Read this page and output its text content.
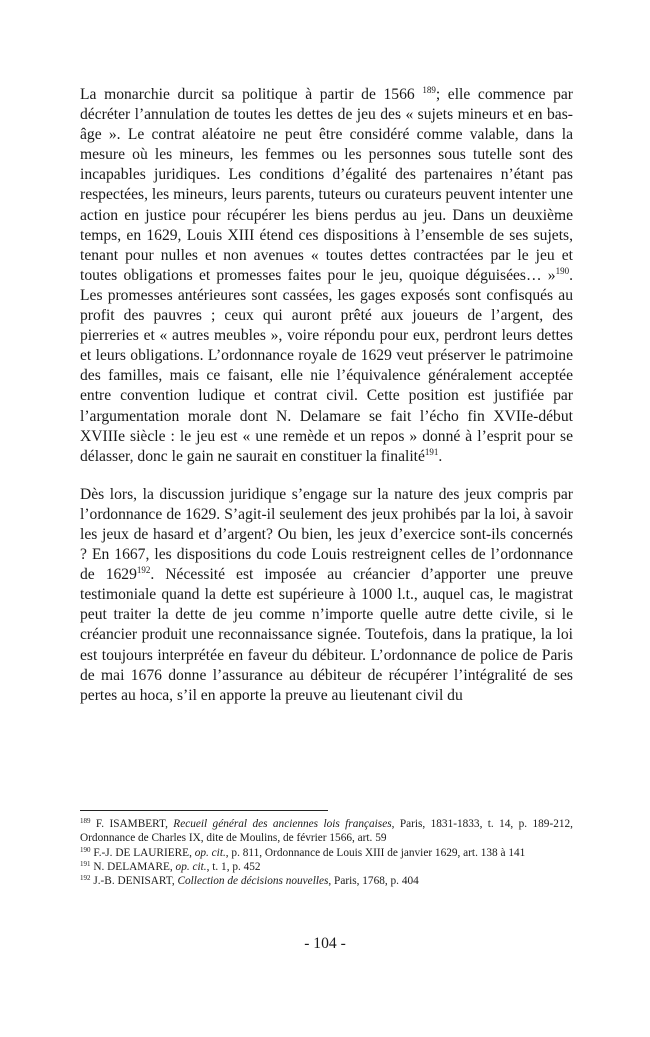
La monarchie durcit sa politique à partir de 1566 $^{189}$; elle commence par décréter l’annulation de toutes les dettes de jeu des « sujets mineurs et en bas-âge ». Le contrat aléatoire ne peut être considéré comme valable, dans la mesure où les mineurs, les femmes ou les personnes sous tutelle sont des incapables juridiques. Les conditions d’égalité des partenaires n’étant pas respectées, les mineurs, leurs parents, tuteurs ou curateurs peuvent intenter une action en justice pour récupérer les biens perdus au jeu. Dans un deuxième temps, en 1629, Louis XIII étend ces dispositions à l’ensemble de ses sujets, tenant pour nulles et non avenues « toutes dettes contractées par le jeu et toutes obligations et promesses faites pour le jeu, quoique déguisées… »$^{190}$. Les promesses antérieures sont cassées, les gages exposés sont confisqués au profit des pauvres ; ceux qui auront prêté aux joueurs de l’argent, des pierreries et « autres meubles », voire répondu pour eux, perdront leurs dettes et leurs obligations. L’ordonnance royale de 1629 veut préserver le patrimoine des familles, mais ce faisant, elle nie l’équivalence généralement acceptée entre convention ludique et contrat civil. Cette position est justifiée par l’argumentation morale dont N. Delamare se fait l’écho fin XVIIe-début XVIIIe siècle : le jeu est « une remède et un repos » donné à l’esprit pour se délasser, donc le gain ne saurait en constituer la finalité$^{191}$.

Dès lors, la discussion juridique s’engage sur la nature des jeux compris par l’ordonnance de 1629. S’agit-il seulement des jeux prohibés par la loi, à savoir les jeux de hasard et d’argent? Ou bien, les jeux d’exercice sont-ils concernés ? En 1667, les dispositions du code Louis restreignent celles de l’ordonnance de 1629$^{192}$. Nécessité est imposée au créancier d’apporter une preuve testimoniale quand la dette est supérieure à 1000 l.t., auquel cas, le magistrat peut traiter la dette de jeu comme n’importe quelle autre dette civile, si le créancier produit une reconnaissance signée. Toutefois, dans la pratique, la loi est toujours interprétée en faveur du débiteur. L’ordonnance de police de Paris de mai 1676 donne l’assurance au débiteur de récupérer l’intégralité de ses pertes au hoca, s’il en apporte la preuve au lieutenant civil du

$^{189}$ F. ISAMBERT, Recueil général des anciennes lois françaises, Paris, 1831-1833, t. 14, p. 189-212, Ordonnance de Charles IX, dite de Moulins, de février 1566, art. 59

$^{190}$ F.-J. DE LAURIERE, op. cit., p. 811, Ordonnance de Louis XIII de janvier 1629, art. 138 à 141

$^{191}$ N. DELAMARE, op. cit., t. 1, p. 452

$^{192}$ J.-B. DENISART, Collection de décisions nouvelles, Paris, 1768, p. 404

- 104 -
